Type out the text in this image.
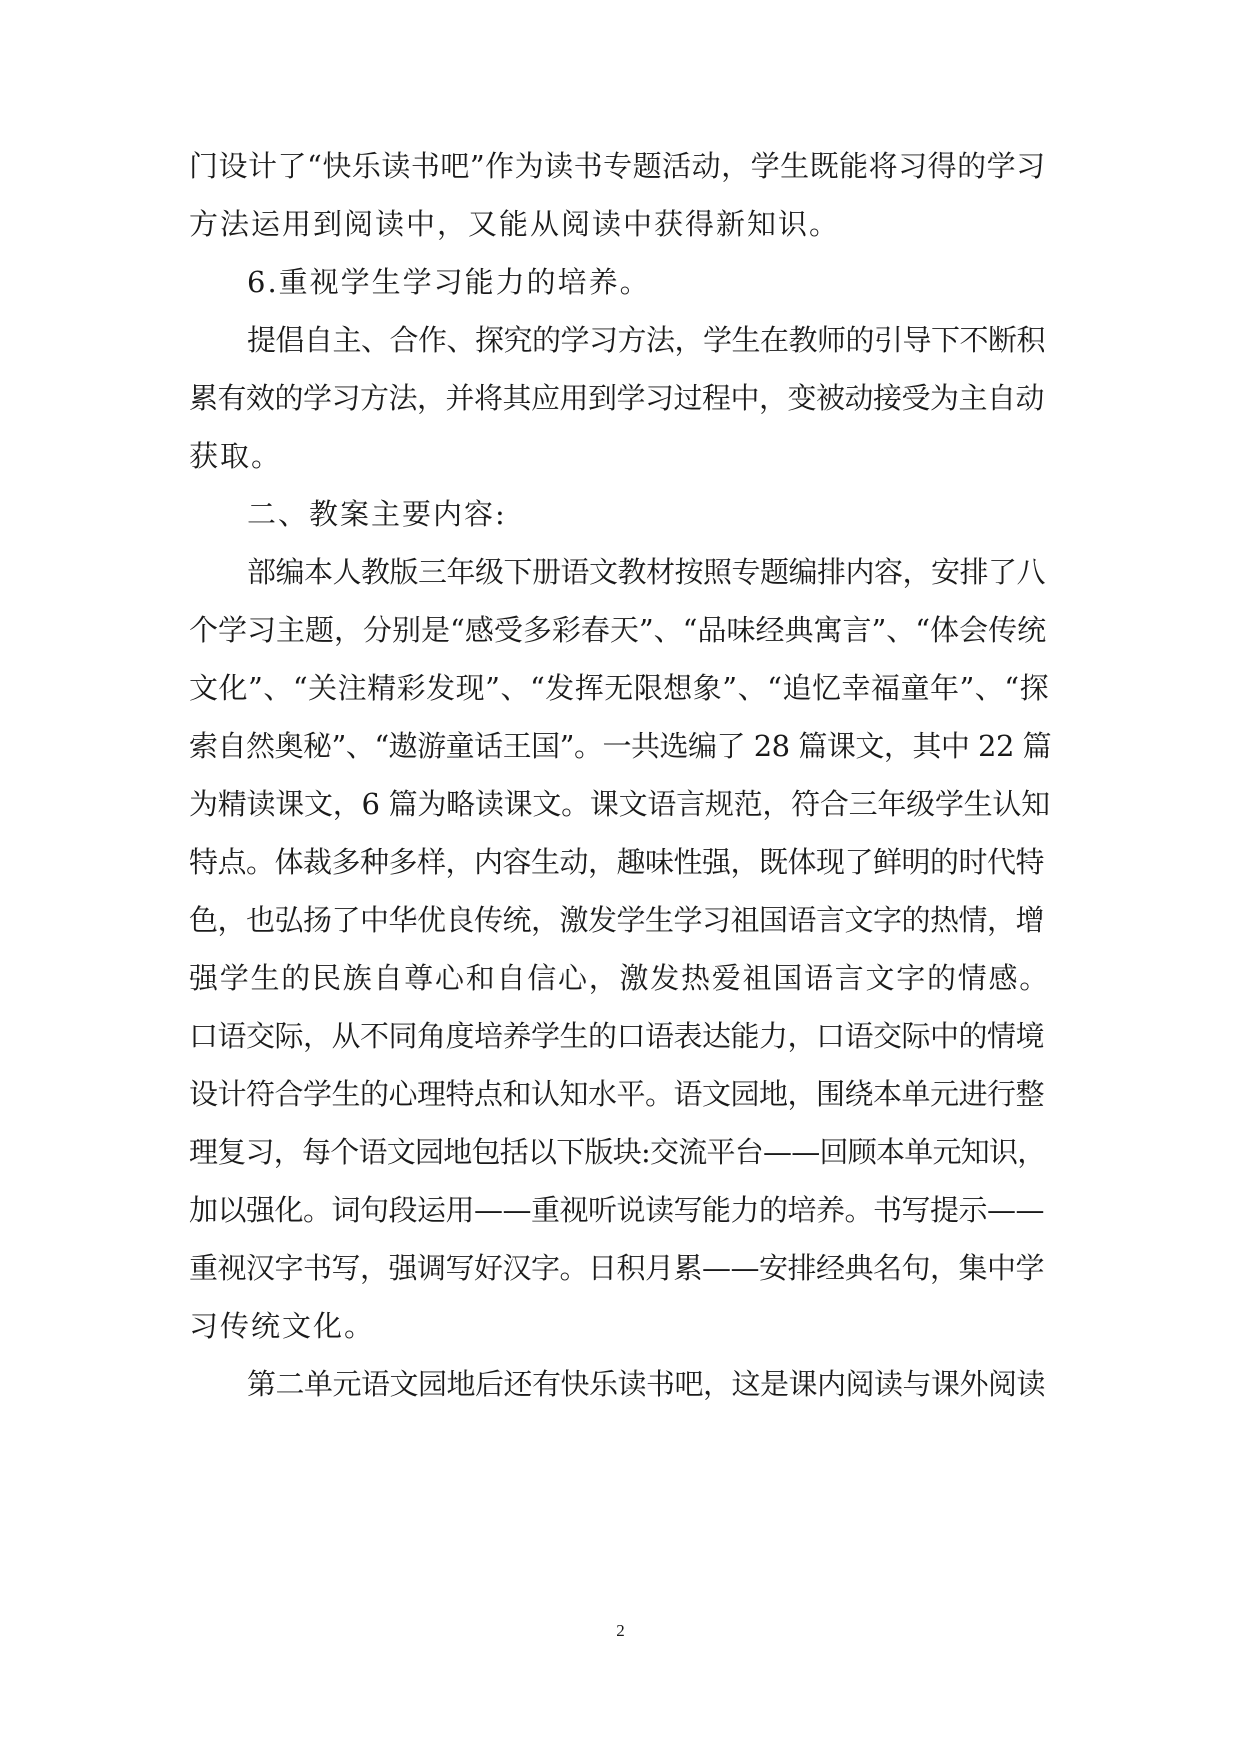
门设计了“快乐读书吧”作为读书专题活动，学生既能将习得的学习
方法运用到阅读中，又能从阅读中获得新知识。
6.重视学生学习能力的培养。
提倡自主、合作、探究的学习方法，学生在教师的引导下不断积
累有效的学习方法，并将其应用到学习过程中，变被动接受为主自动
获取。
二、教案主要内容:
部编本人教版三年级下册语文教材按照专题编排内容，安排了八
个学习主题，分别是“感受多彩春天”、“品味经典寓言”、“体会传统
文化”、“关注精彩发现”、“发挥无限想象”、“追忆幸福童年”、“探
索自然奥秘”、“遨游童话王国”。一共选编了 28 篇课文，其中 22 篇
为精读课文，6 篇为略读课文。课文语言规范，符合三年级学生认知
特点。体裁多种多样，内容生动，趣味性强，既体现了鲜明的时代特
色，也弘扬了中华优良传统，激发学生学习祖国语言文字的热情，增
强学生的民族自尊心和自信心，激发热爱祖国语言文字的情感。
口语交际，从不同角度培养学生的口语表达能力，口语交际中的情境
设计符合学生的心理特点和认知水平。语文园地，围绕本单元进行整
理复习，每个语文园地包括以下版块:交流平台——回顾本单元知识，
加以强化。词句段运用——重视听说读写能力的培养。书写提示——
重视汉字书写，强调写好汉字。日积月累——安排经典名句，集中学
习传统文化。
第二单元语文园地后还有快乐读书吧，这是课内阅读与课外阅读
2
